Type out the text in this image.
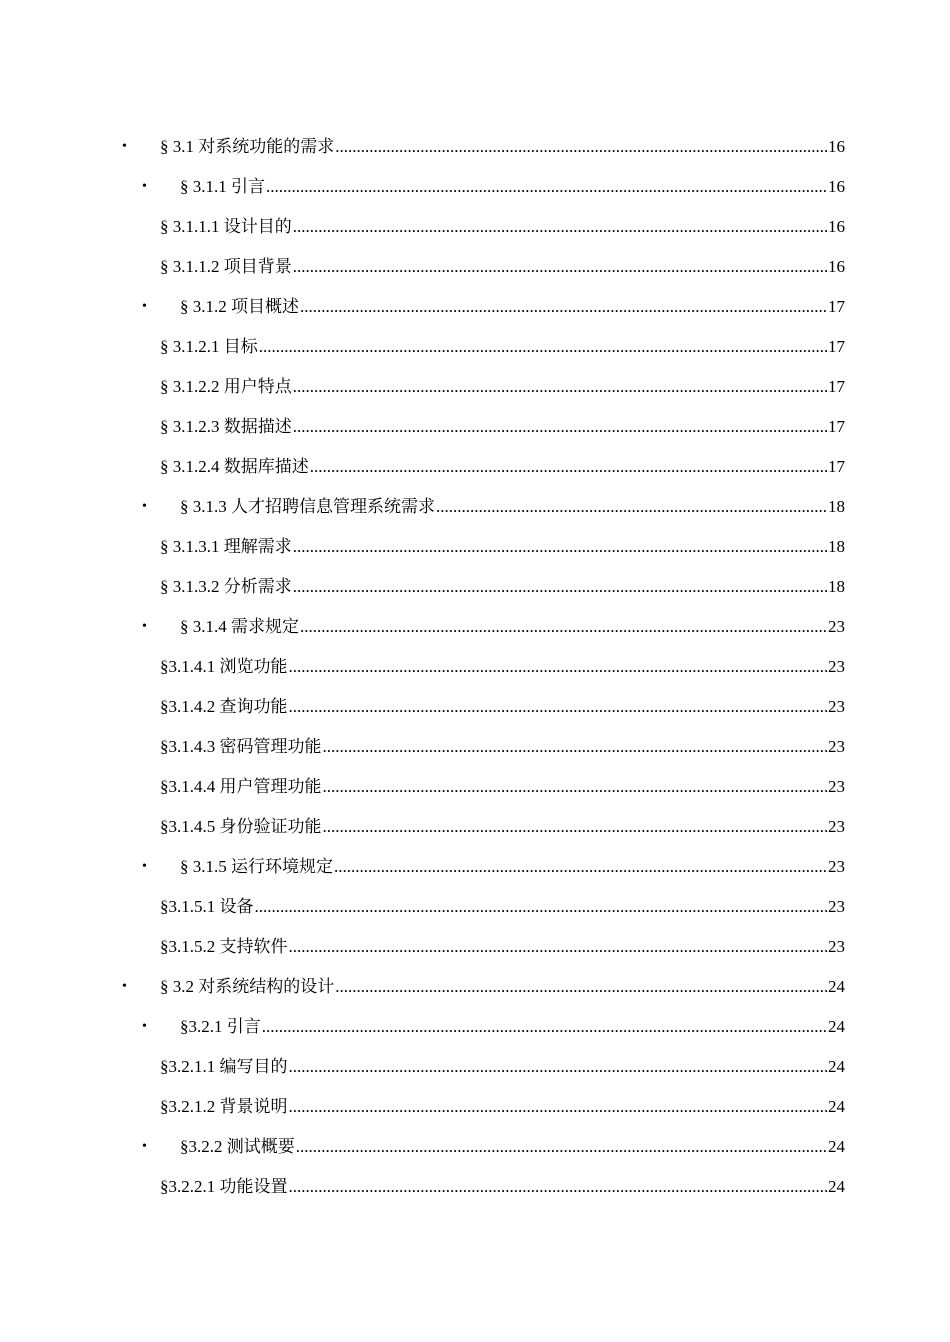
• § 3.1 对系统功能的需求 .....	16
• § 3.1.1 引言 .....	16
§ 3.1.1.1 设计目的 .....	16
§ 3.1.1.2 项目背景 .....	16
• § 3.1.2 项目概述 .....	17
§ 3.1.2.1 目标 .....	17
§ 3.1.2.2 用户特点 .....	17
§ 3.1.2.3 数据描述 .....	17
§ 3.1.2.4 数据库描述 .....	17
• § 3.1.3 人才招聘信息管理系统需求 .....	18
§ 3.1.3.1 理解需求 .....	18
§ 3.1.3.2 分析需求 .....	18
• § 3.1.4 需求规定 .....	23
§3.1.4.1 浏览功能 .....	23
§3.1.4.2 查询功能 .....	23
§3.1.4.3 密码管理功能 .....	23
§3.1.4.4 用户管理功能 .....	23
§3.1.4.5 身份验证功能 .....	23
• § 3.1.5 运行环境规定 .....	23
§3.1.5.1 设备 .....	23
§3.1.5.2 支持软件 .....	23
• § 3.2 对系统结构的设计 .....	24
• §3.2.1 引言 .....	24
§3.2.1.1 编写目的 .....	24
§3.2.1.2 背景说明 .....	24
• §3.2.2 测试概要 .....	24
§3.2.2.1 功能设置 .....	24
